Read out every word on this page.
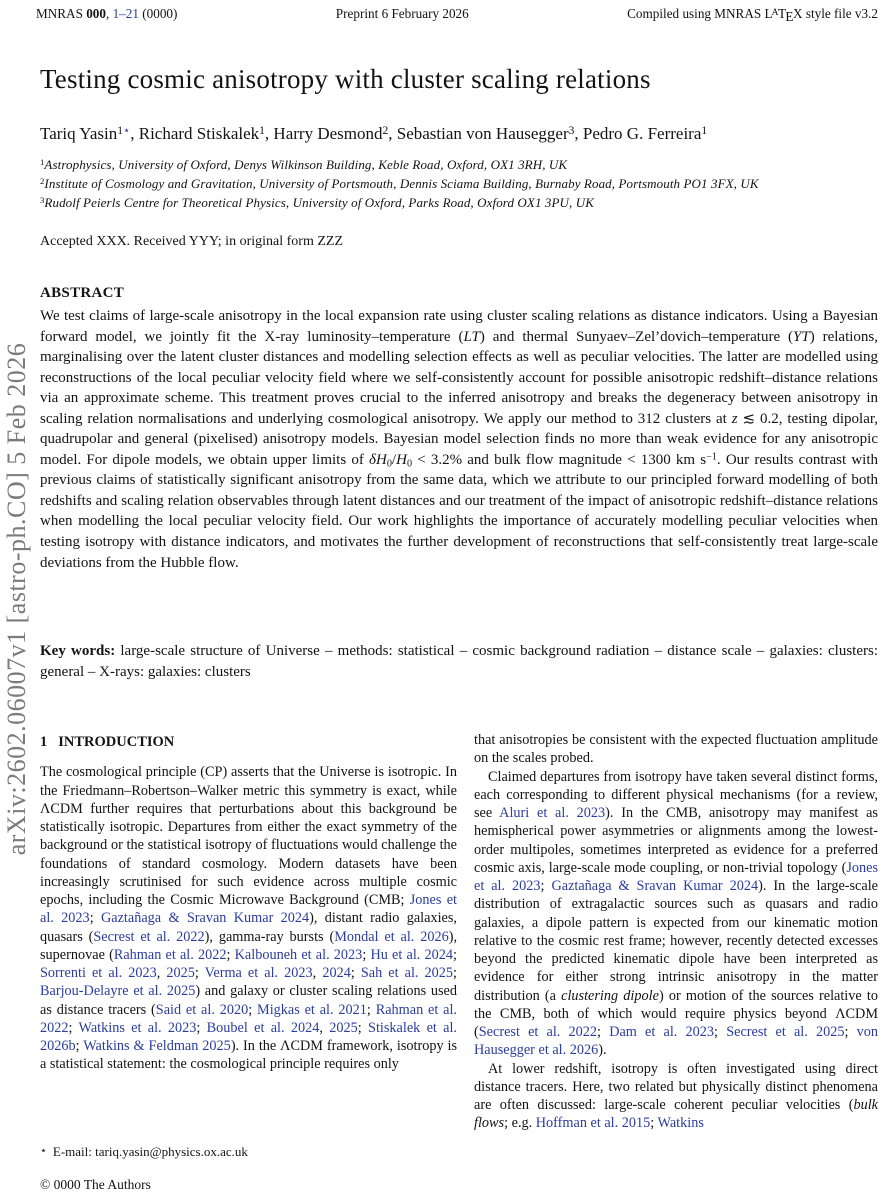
MNRAS 000, 1–21 (0000)	Preprint 6 February 2026	Compiled using MNRAS $L^ATEX$ style file v3.2
arXiv:2602.06007v1 [astro-ph.CO] 5 Feb 2026
Testing cosmic anisotropy with cluster scaling relations
Tariq Yasin$^{1⋆}$, Richard Stiskalek$^1$, Harry Desmond$^2$, Sebastian von Hausegger$^3$, Pedro G. Ferreira$^1$
$^1$Astrophysics, University of Oxford, Denys Wilkinson Building, Keble Road, Oxford, OX1 3RH, UK
$^2$Institute of Cosmology and Gravitation, University of Portsmouth, Dennis Sciama Building, Burnaby Road, Portsmouth PO1 3FX, UK
$^3$Rudolf Peierls Centre for Theoretical Physics, University of Oxford, Parks Road, Oxford OX1 3PU, UK
Accepted XXX. Received YYY; in original form ZZZ
ABSTRACT
We test claims of large-scale anisotropy in the local expansion rate using cluster scaling relations as distance indicators. Using a Bayesian forward model, we jointly fit the X-ray luminosity–temperature (LT) and thermal Sunyaev–Zel’dovich–temperature (YT) relations, marginalising over the latent cluster distances and modelling selection effects as well as peculiar velocities. The latter are modelled using reconstructions of the local peculiar velocity field where we self-consistently account for possible anisotropic redshift–distance relations via an approximate scheme. This treatment proves crucial to the inferred anisotropy and breaks the degeneracy between anisotropy in scaling relation normalisations and underlying cosmological anisotropy. We apply our method to 312 clusters at z ≲ 0.2, testing dipolar, quadrupolar and general (pixelised) anisotropy models. Bayesian model selection finds no more than weak evidence for any anisotropic model. For dipole models, we obtain upper limits of $\delta H_0/H_0 < 3.2\%$ and bulk flow magnitude < 1300 km $s^{-1}$. Our results contrast with previous claims of statistically significant anisotropy from the same data, which we attribute to our principled forward modelling of both redshifts and scaling relation observables through latent distances and our treatment of the impact of anisotropic redshift–distance relations when modelling the local peculiar velocity field. Our work highlights the importance of accurately modelling peculiar velocities when testing isotropy with distance indicators, and motivates the further development of reconstructions that self-consistently treat large-scale deviations from the Hubble flow.
Key words: large-scale structure of Universe – methods: statistical – cosmic background radiation – distance scale – galaxies: clusters: general – X-rays: galaxies: clusters
1 INTRODUCTION

The cosmological principle (CP) asserts that the Universe is isotropic. In the Friedmann–Robertson–Walker metric this symmetry is exact, while ΛCDM further requires that perturbations about this background be statistically isotropic. Departures from either the exact symmetry of the background or the statistical isotropy of fluctuations would challenge the foundations of standard cosmology. Modern datasets have been increasingly scrutinised for such evidence across multiple cosmic epochs, including the Cosmic Microwave Background (CMB; Jones et al. 2023; Gaztañaga & Sravan Kumar 2024), distant radio galaxies, quasars (Secrest et al. 2022), gamma-ray bursts (Mondal et al. 2026), supernovae (Rahman et al. 2022; Kalbouneh et al. 2023; Hu et al. 2024; Sorrenti et al. 2023, 2025; Verma et al. 2023, 2024; Sah et al. 2025; Barjou-Delayre et al. 2025) and galaxy or cluster scaling relations used as distance tracers (Said et al. 2020; Migkas et al. 2021; Rahman et al. 2022; Watkins et al. 2023; Boubel et al. 2024, 2025; Stiskalek et al. 2026b; Watkins & Feldman 2025). In the ΛCDM framework, isotropy is a statistical statement: the cosmological principle requires only

that anisotropies be consistent with the expected fluctuation amplitude on the scales probed.

Claimed departures from isotropy have taken several distinct forms, each corresponding to different physical mechanisms (for a review, see Aluri et al. 2023). In the CMB, anisotropy may manifest as hemispherical power asymmetries or alignments among the lowest-order multipoles, sometimes interpreted as evidence for a preferred cosmic axis, large-scale mode coupling, or non-trivial topology (Jones et al. 2023; Gaztañaga & Sravan Kumar 2024). In the large-scale distribution of extragalactic sources such as quasars and radio galaxies, a dipole pattern is expected from our kinematic motion relative to the cosmic rest frame; however, recently detected excesses beyond the predicted kinematic dipole have been interpreted as evidence for either strong intrinsic anisotropy in the matter distribution (a clustering dipole) or motion of the sources relative to the CMB, both of which would require physics beyond ΛCDM (Secrest et al. 2022; Dam et al. 2023; Secrest et al. 2025; von Hausegger et al. 2026).

At lower redshift, isotropy is often investigated using direct distance tracers. Here, two related but physically distinct phenomena are often discussed: large-scale coherent peculiar velocities (bulk flows; e.g. Hoffman et al. 2015; Watkins

⋆ E-mail: tariq.yasin@physics.ox.ac.uk
© 0000 The Authors
